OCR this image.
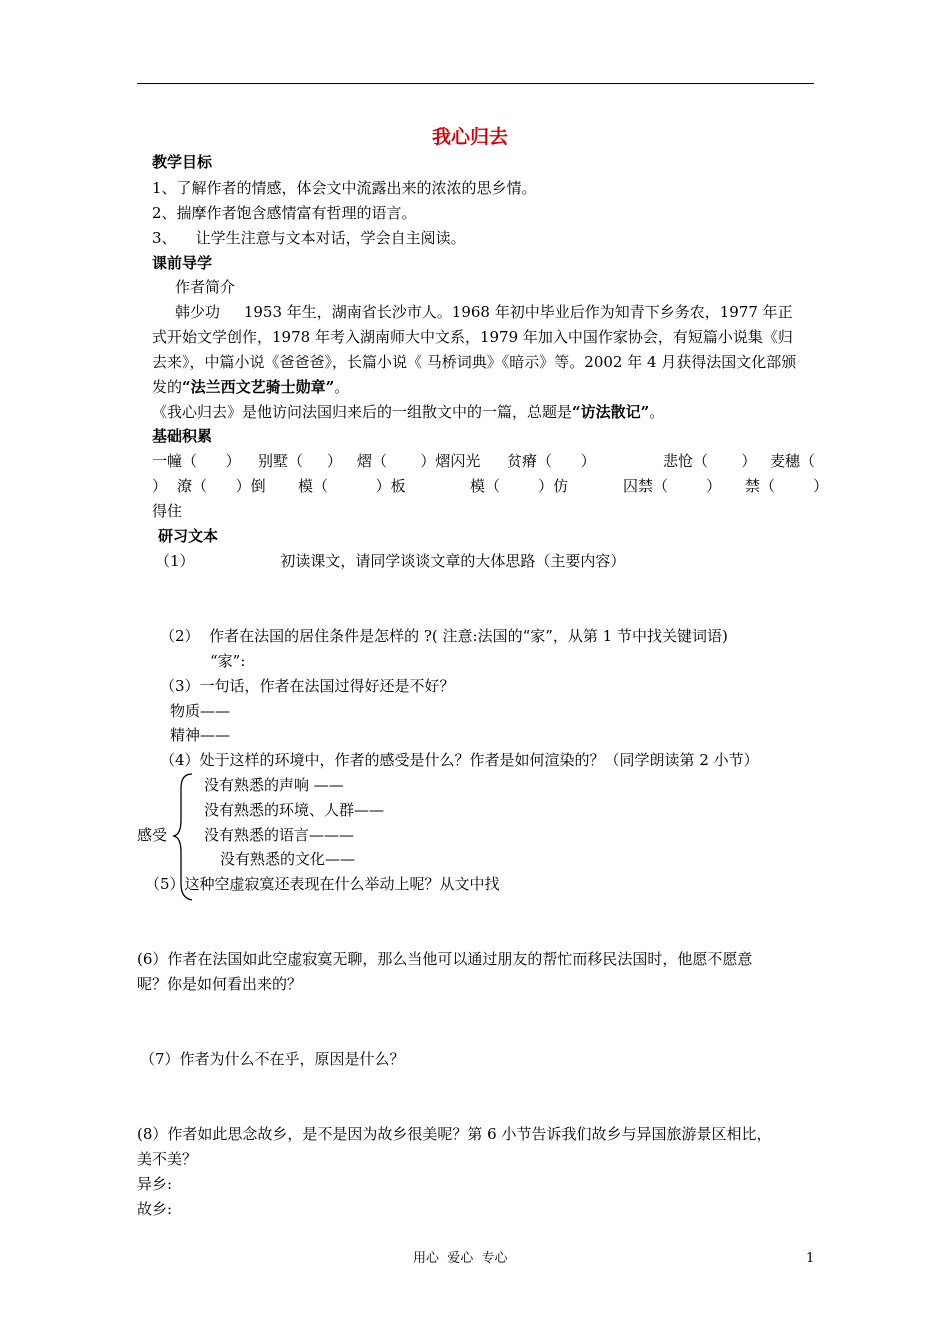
我心归去
教学目标
1、了解作者的情感，体会文中流露出来的浓浓的思乡情。
2、揣摩作者饱含感情富有哲理的语言。
3、    让学生注意与文本对话，学会自主阅读。
课前导学
作者简介
韩少功     1953 年生，湖南省长沙市人。1968 年初中毕业后作为知青下乡务农，1977 年正
式开始文学创作，1978 年考入湖南师大中文系，1979 年加入中国作家协会，有短篇小说集《归
去来》，中篇小说《爸爸爸》，长篇小说《 马桥词典》《暗示》等。2002 年 4 月获得法国文化部颁
发的“法兰西文艺骑士勋章”。
《我心归去》是他访问法国归来后的一组散文中的一篇，总题是“访法散记”。
基础积累
一幢（      ） 别墅（     ） 熠（       ）熠闪光 贫瘠（      ）	悲怆（       ） 麦穗（
） 潦（      ）倒 模（          ）板	模（        ）仿	囚禁（        ） 禁（        ）
得住
研习文本
（1）                  初读课文，请同学谈谈文章的大体思路（主要内容）
（2）  作者在法国的居住条件是怎样的 ?( 注意:法国的“家”，从第 1 节中找关键词语)
“家”:
（3）一句话，作者在法国过得好还是不好？
物质——
精神——
（4）处于这样的环境中，作者的感受是什么？作者是如何渲染的？（同学朗读第 2 小节）
感受
没有熟悉的声响 ——
没有熟悉的环境、人群——
没有熟悉的语言———
没有熟悉的文化——
（5）这种空虚寂寞还表现在什么举动上呢？从文中找
(6）作者在法国如此空虚寂寞无聊，那么当他可以通过朋友的帮忙而移民法国时，他愿不愿意
呢？你是如何看出来的？
（7）作者为什么不在乎，原因是什么？
(8）作者如此思念故乡，是不是因为故乡很美呢？第 6 小节告诉我们故乡与异国旅游景区相比，
美不美？
异乡:
故乡:
用心  爱心  专心	1
